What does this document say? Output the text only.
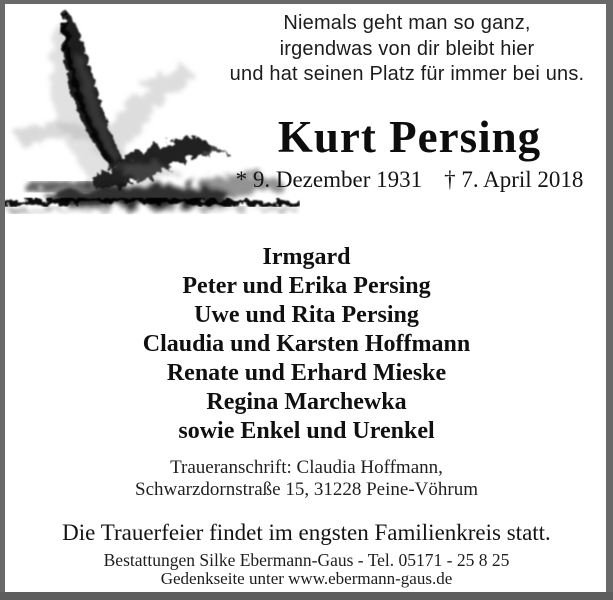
Niemals geht man so ganz,
irgendwas von dir bleibt hier
und hat seinen Platz für immer bei uns.
Kurt Persing
* 9. Dezember 1931 † 7. April 2018
Irmgard
Peter und Erika Persing
Uwe und Rita Persing
Claudia und Karsten Hoffmann
Renate und Erhard Mieske
Regina Marchewka
sowie Enkel und Urenkel
Traueranschrift: Claudia Hoffmann,
Schwarzdornstraße 15, 31228 Peine-Vöhrum
Die Trauerfeier findet im engsten Familienkreis statt.
Bestattungen Silke Ebermann-Gaus - Tel. 05171 - 25 8 25
Gedenkseite unter www.ebermann-gaus.de
